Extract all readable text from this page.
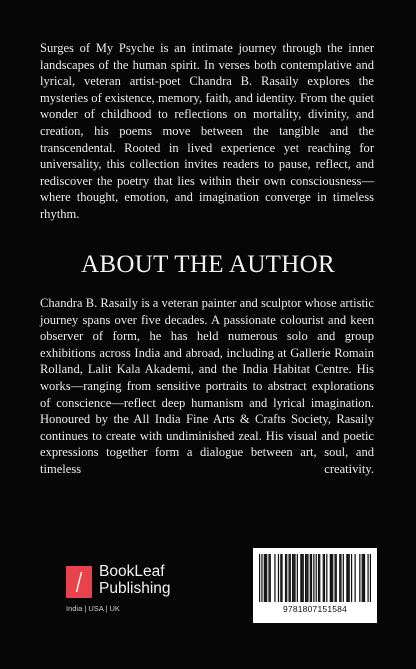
Surges of My Psyche is an intimate journey through the inner landscapes of the human spirit. In verses both contemplative and lyrical, veteran artist-poet Chandra B. Rasaily explores the mysteries of existence, memory, faith, and identity. From the quiet wonder of childhood to reflections on mortality, divinity, and creation, his poems move between the tangible and the transcendental. Rooted in lived experience yet reaching for universality, this collection invites readers to pause, reflect, and rediscover the poetry that lies within their own consciousness—where thought, emotion, and imagination converge in timeless rhythm.

ABOUT THE AUTHOR

Chandra B. Rasaily is a veteran painter and sculptor whose artistic journey spans over five decades. A passionate colourist and keen observer of form, he has held numerous solo and group exhibitions across India and abroad, including at Gallerie Romain Rolland, Lalit Kala Akademi, and the India Habitat Centre. His works—ranging from sensitive portraits to abstract explorations of conscience—reflect deep humanism and lyrical imagination. Honoured by the All India Fine Arts & Crafts Society, Rasaily continues to create with undiminished zeal. His visual and poetic expressions together form a dialogue between art, soul, and timeless creativity.

BookLeaf
Publishing
India | USA | UK	9781807151584
